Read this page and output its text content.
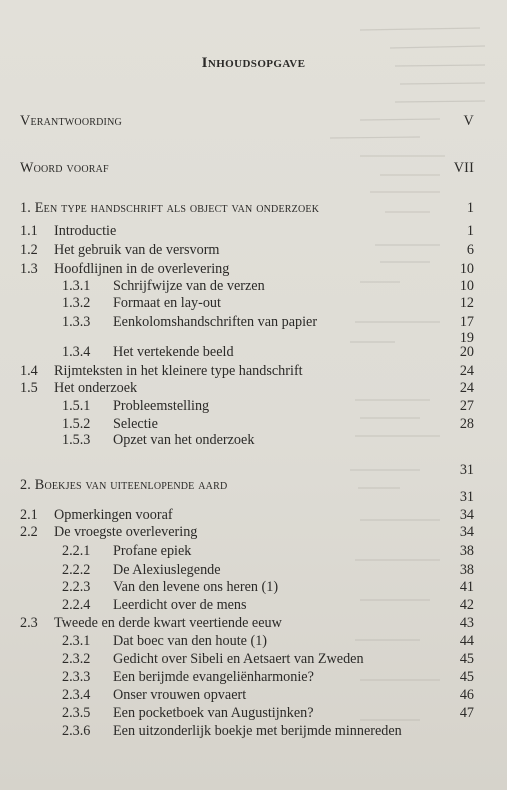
Inhoudsopgave
Verantwoording	V
Woord vooraf	VII
1. Een type handschrift als object van onderzoek	1
1.1 Introductie	1
1.2 Het gebruik van de versvorm	6
1.3 Hoofdlijnen in de overlevering	10
1.3.1 Schrijfwijze van de verzen	10
1.3.2 Formaat en lay-out	12
1.3.3 Eenkolomshandschriften van papier	17
19
1.3.4 Het vertekende beeld	20
1.4 Rijmteksten in het kleinere type handschrift	24
1.5 Het onderzoek	24
1.5.1 Probleemstelling	27
1.5.2 Selectie	28
1.5.3 Opzet van het onderzoek
31
2. Boekjes van uiteenlopende aard
31
2.1 Opmerkingen vooraf	34
2.2 De vroegste overlevering	34
2.2.1 Profane epiek	38
2.2.2 De Alexiuslegende	38
2.2.3 Van den levene ons heren (1)	41
2.2.4 Leerdicht over de mens	42
2.3 Tweede en derde kwart veertiende eeuw	43
2.3.1 Dat boec van den houte (1)	44
2.3.2 Gedicht over Sibeli en Aetsaert van Zweden	45
2.3.3 Een berijmde evangeliënharmonie?	45
2.3.4 Onser vrouwen opvaert	46
2.3.5 Een pocketboek van Augustijnken?	47
2.3.6 Een uitzonderlijk boekje met berijmde minnereden
